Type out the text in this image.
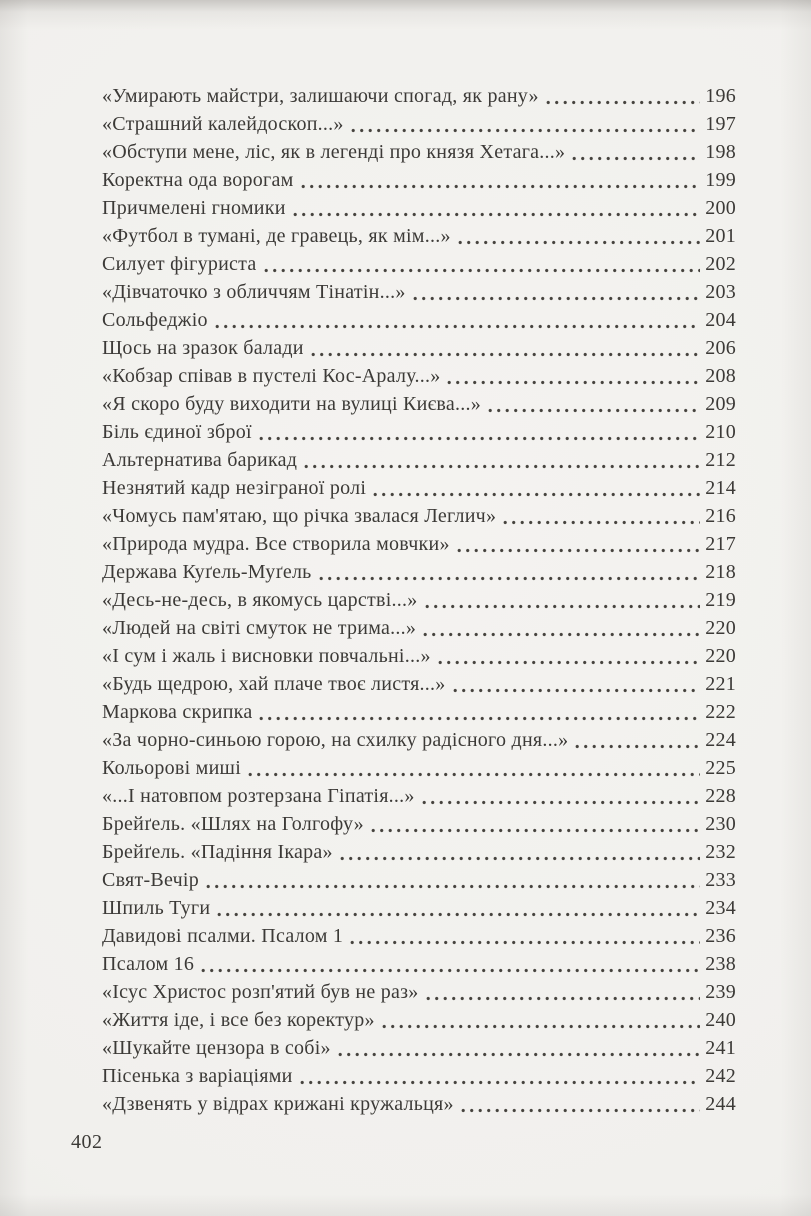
«Умирають майстри, залишаючи спогад, як рану»	196
«Страшний калейдоскоп...»	197
«Обступи мене, ліс, як в легенді про князя Хетага...»	198
Коректна ода ворогам	199
Причмелені гномики	200
«Футбол в тумані, де гравець, як мім...»	201
Силует фігуриста	202
«Дівчаточко з обличчям Тінатін...»	203
Сольфеджіо	204
Щось на зразок балади	206
«Кобзар співав в пустелі Кос-Аралу...»	208
«Я скоро буду виходити на вулиці Києва...»	209
Біль єдиної зброї	210
Альтернатива барикад	212
Незнятий кадр незіграної ролі	214
«Чомусь пам'ятаю, що річка звалася Леглич»	216
«Природа мудра. Все створила мовчки»	217
Держава Куґель-Муґель	218
«Десь-не-десь, в якомусь царстві...»	219
«Людей на світі смуток не трима...»	220
«І сум і жаль і висновки повчальні...»	220
«Будь щедрою, хай плаче твоє листя...»	221
Маркова скрипка	222
«За чорно-синьою горою, на схилку радісного дня...»	224
Кольорові миші	225
«...І натовпом розтерзана Гіпатія...»	228
Брейґель. «Шлях на Голгофу»	230
Брейґель. «Падіння Ікара»	232
Свят-Вечір	233
Шпиль Туги	234
Давидові псалми. Псалом 1	236
Псалом 16	238
«Ісус Христос розп'ятий був не раз»	239
«Життя іде, і все без коректур»	240
«Шукайте цензора в собі»	241
Пісенька з варіаціями	242
«Дзвенять у відрах крижані кружальця»	244
402
